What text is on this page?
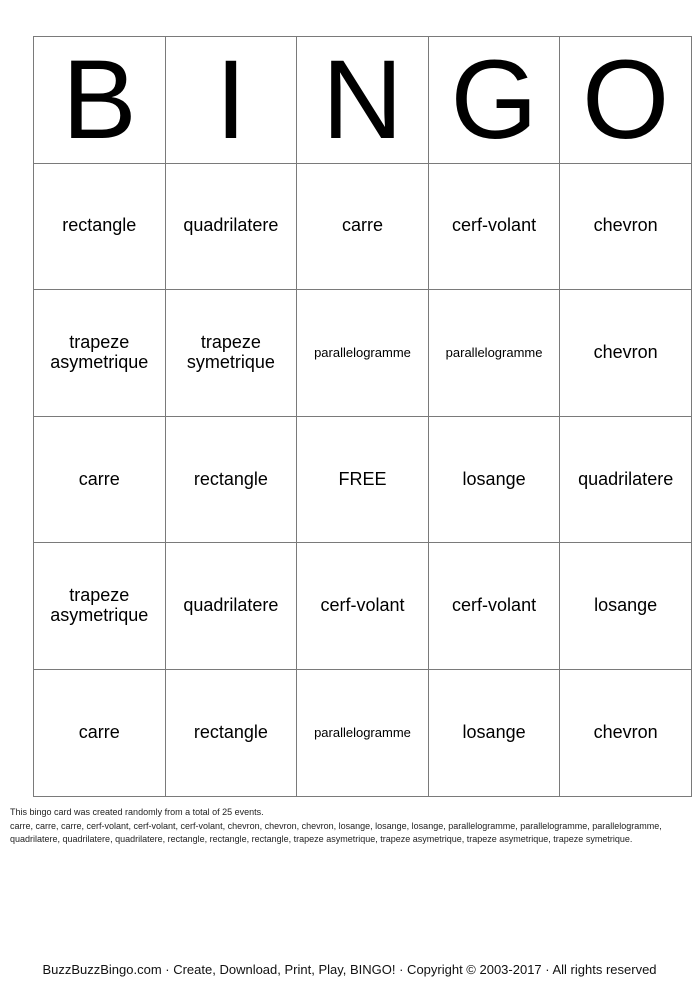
B	I	N	G	O
rectangle	quadrilatere	carre	cerf-volant	chevron
trapeze asymetrique	trapeze symetrique	parallelogramme	parallelogramme	chevron
carre	rectangle	FREE	losange	quadrilatere
trapeze asymetrique	quadrilatere	cerf-volant	cerf-volant	losange
carre	rectangle	parallelogramme	losange	chevron
This bingo card was created randomly from a total of 25 events.
carre, carre, carre, cerf-volant, cerf-volant, cerf-volant, chevron, chevron, chevron, losange, losange, losange, parallelogramme, parallelogramme, parallelogramme, quadrilatere, quadrilatere, quadrilatere, rectangle, rectangle, rectangle, trapeze asymetrique, trapeze asymetrique, trapeze asymetrique, trapeze symetrique.
BuzzBuzzBingo.com · Create, Download, Print, Play, BINGO! · Copyright © 2003-2017 · All rights reserved
